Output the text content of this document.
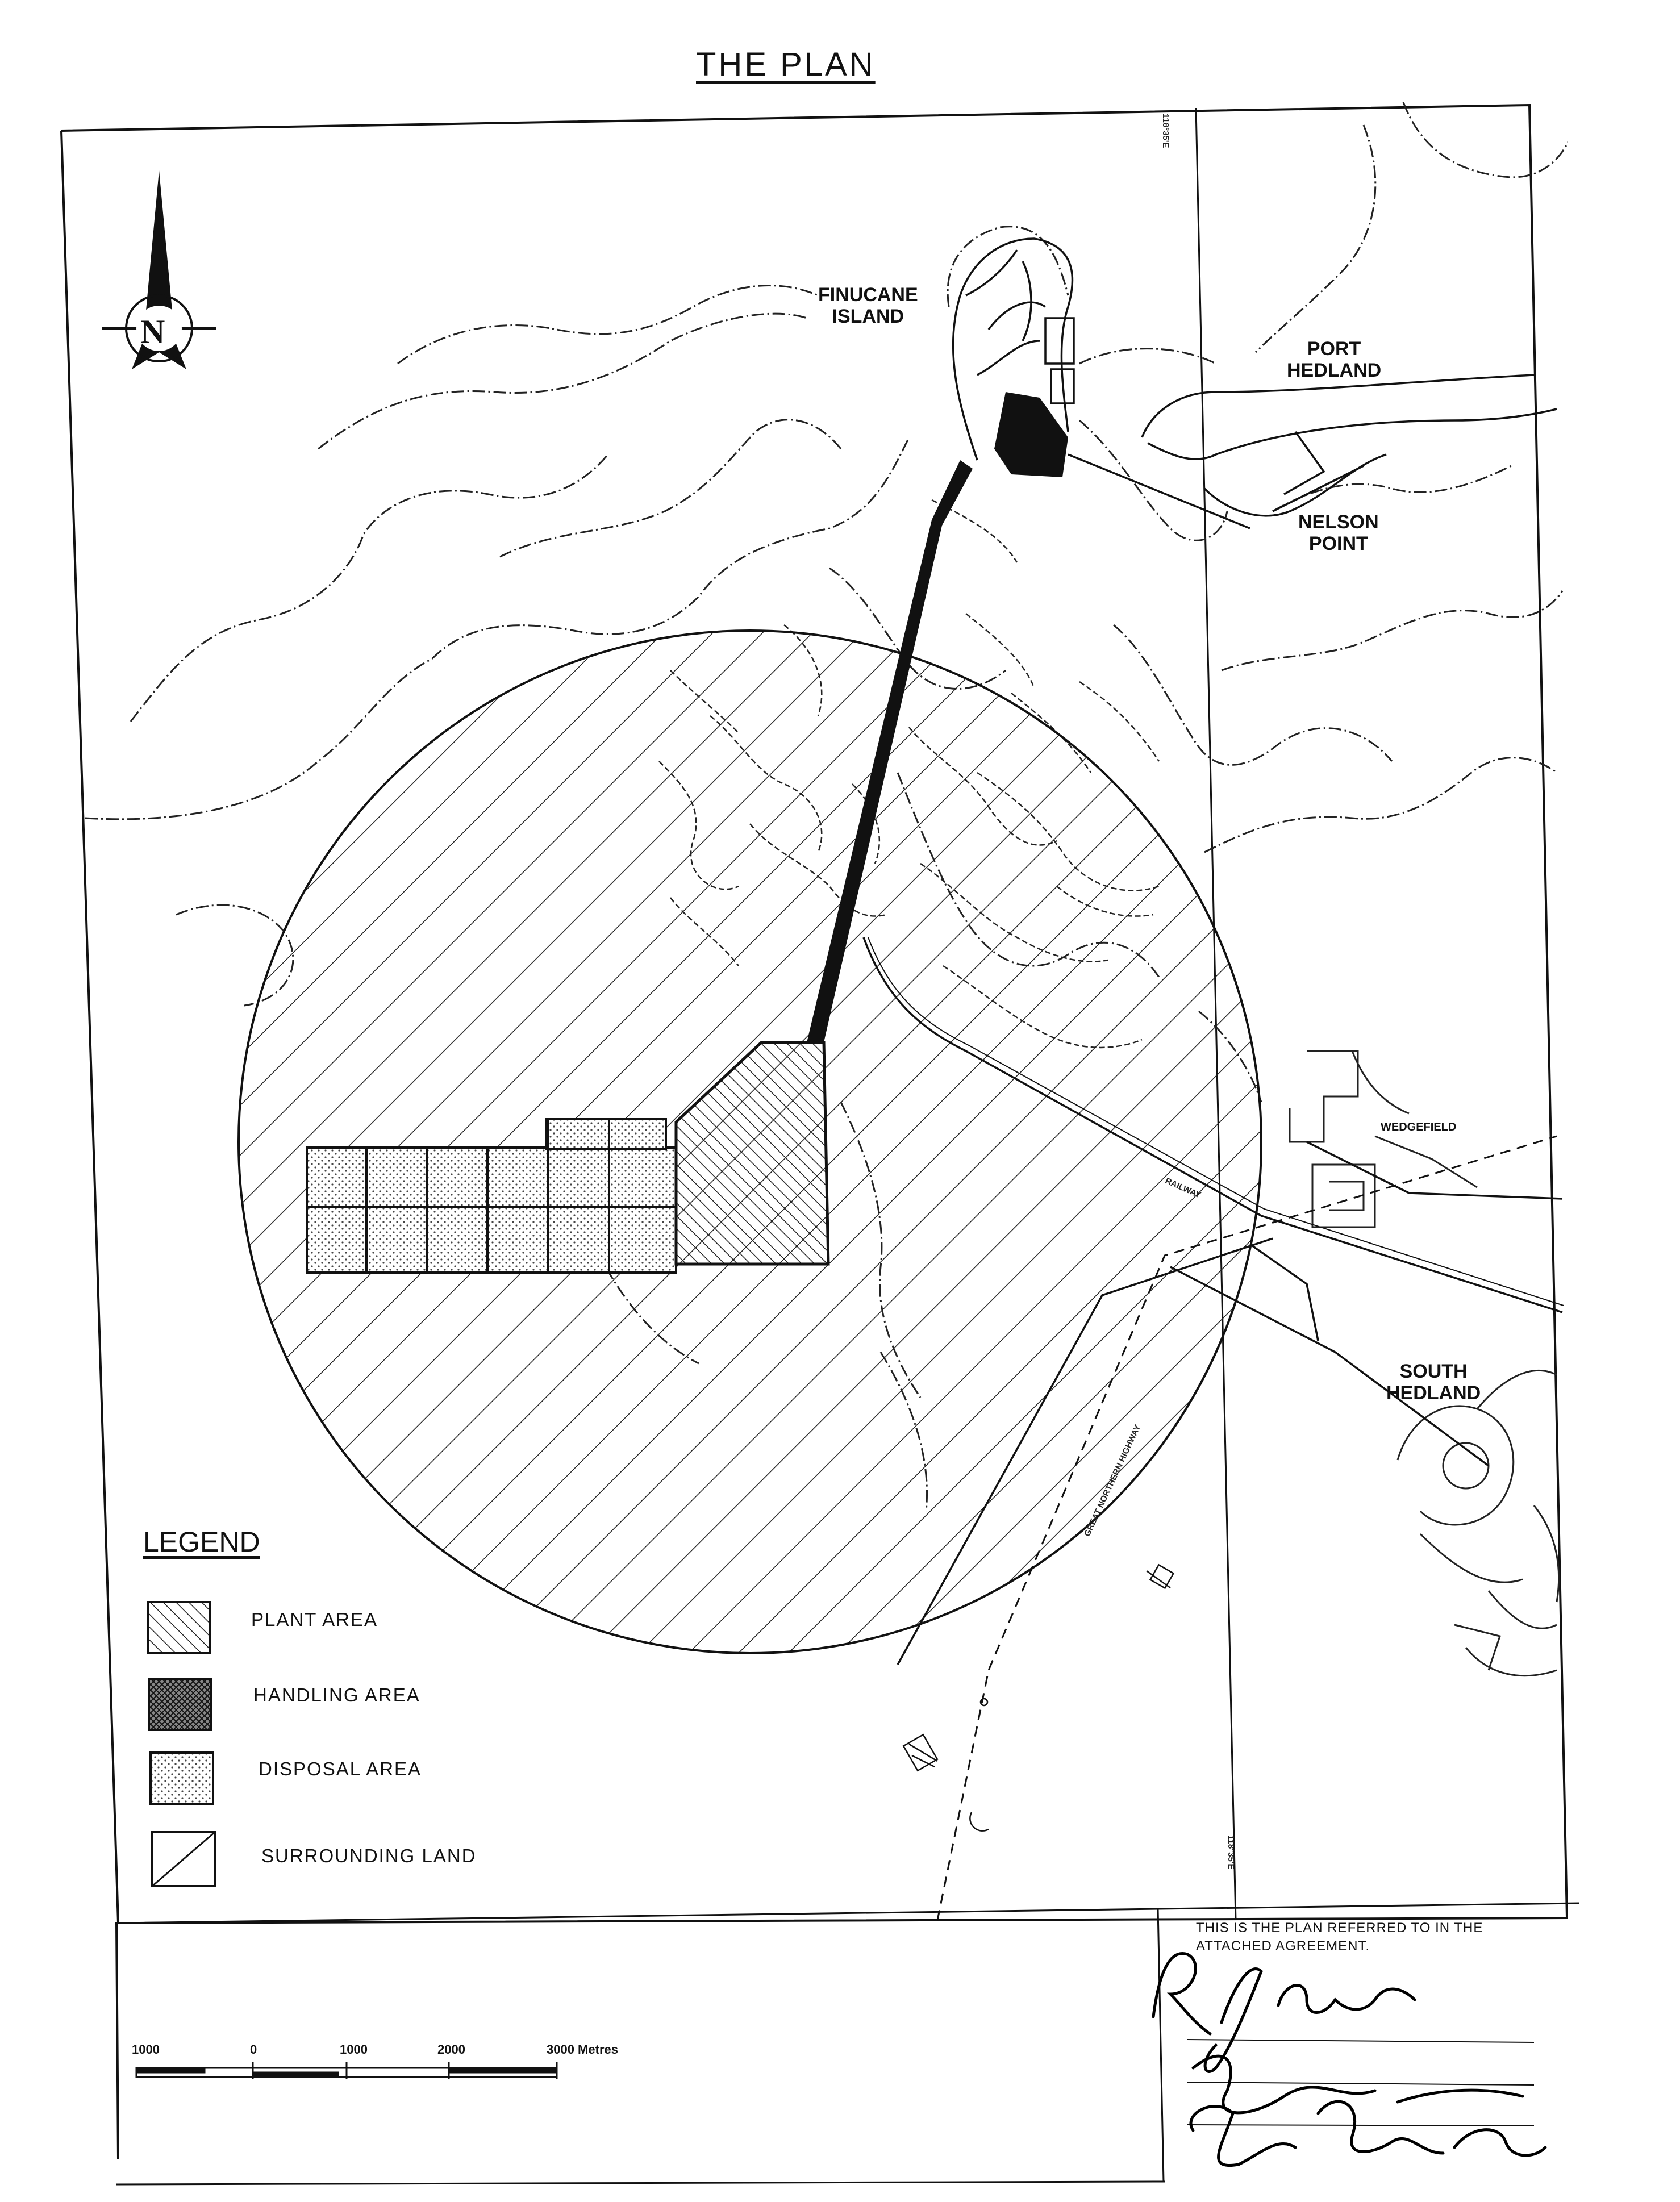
THE PLAN
N
FINUCANE
ISLAND
PORT
HEDLAND
NELSON
POINT
WEDGEFIELD
SOUTH
HEDLAND
RAILWAY
GREAT NORTHERN HIGHWAY
118°35'E
118°35'E
LEGEND
PLANT AREA
HANDLING AREA
DISPOSAL AREA
SURROUNDING LAND
1000	0	1000	2000	3000 Metres
THIS IS THE PLAN REFERRED TO IN THE
ATTACHED AGREEMENT.
